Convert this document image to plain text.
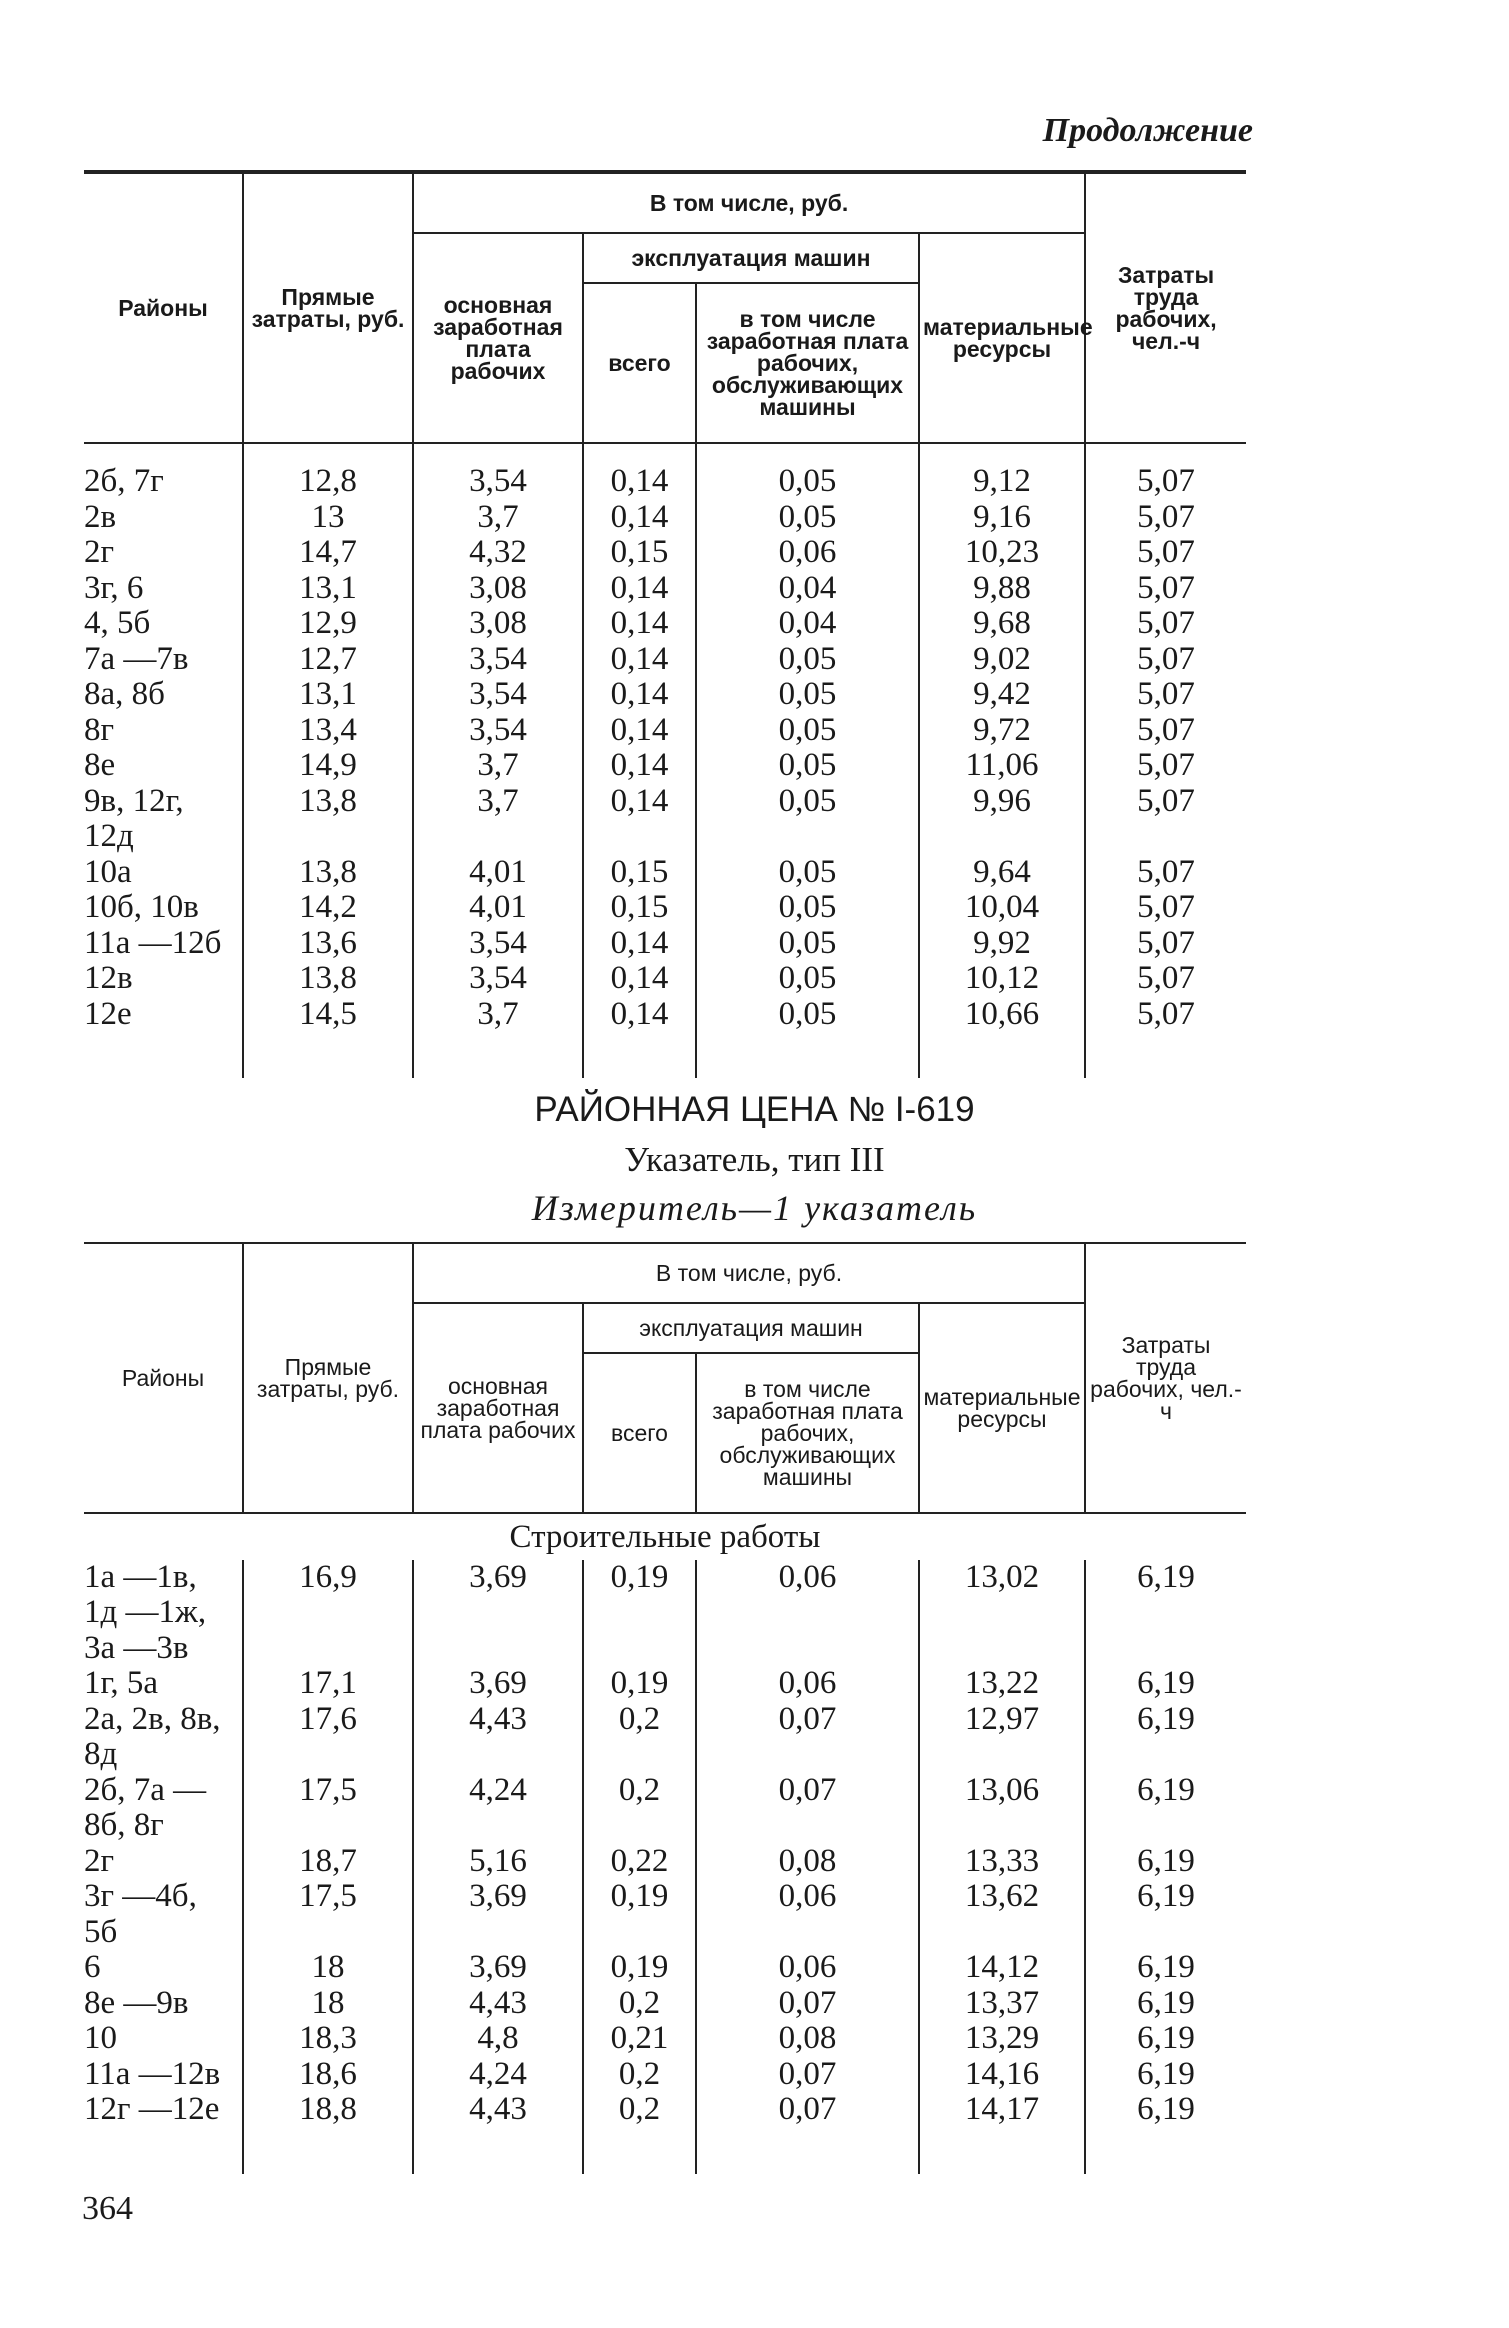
Продолжение
Районы	Прямые затраты, руб.	В том числе, руб.				Затраты труда рабочих, чел.-ч
		основная заработная плата рабочих	эксплуатация машин		материальные ресурсы	
			всего	в том числе заработная плата рабочих, обслуживающих машины		

2б, 7г	12,8	3,54	0,14	0,05	9,12	5,07
2в	13	3,7	0,14	0,05	9,16	5,07
2г	14,7	4,32	0,15	0,06	10,23	5,07
3г, 6	13,1	3,08	0,14	0,04	9,88	5,07
4, 5б	12,9	3,08	0,14	0,04	9,68	5,07
7а —7в	12,7	3,54	0,14	0,05	9,02	5,07
8а, 8б	13,1	3,54	0,14	0,05	9,42	5,07
8г	13,4	3,54	0,14	0,05	9,72	5,07
8е	14,9	3,7	0,14	0,05	11,06	5,07
9в, 12г, 12д	13,8	3,7	0,14	0,05	9,96	5,07
10а	13,8	4,01	0,15	0,05	9,64	5,07
10б, 10в	14,2	4,01	0,15	0,05	10,04	5,07
11а —12б	13,6	3,54	0,14	0,05	9,92	5,07
12в	13,8	3,54	0,14	0,05	10,12	5,07
12е	14,5	3,7	0,14	0,05	10,66	5,07

РАЙОННАЯ ЦЕНА № I-619
Указатель, тип III
Измеритель—1 указатель
Районы	Прямые затраты, руб.	В том числе, руб.				Затраты труда рабочих, чел.-ч
		основная заработная плата рабочих	эксплуатация машин		материальные ресурсы	
			всего	в том числе заработная плата рабочих, обслуживающих машины		
Строительные работы						
1а —1в, 1д —1ж, 3а —3в	16,9	3,69	0,19	0,06	13,02	6,19
1г, 5а	17,1	3,69	0,19	0,06	13,22	6,19
2а, 2в, 8в, 8д	17,6	4,43	0,2	0,07	12,97	6,19
2б, 7а — 8б, 8г	17,5	4,24	0,2	0,07	13,06	6,19
2г	18,7	5,16	0,22	0,08	13,33	6,19
3г —4б, 5б	17,5	3,69	0,19	0,06	13,62	6,19
6	18	3,69	0,19	0,06	14,12	6,19
8е —9в	18	4,43	0,2	0,07	13,37	6,19
10	18,3	4,8	0,21	0,08	13,29	6,19
11а —12в	18,6	4,24	0,2	0,07	14,16	6,19
12г —12е	18,8	4,43	0,2	0,07	14,17	6,19

364
